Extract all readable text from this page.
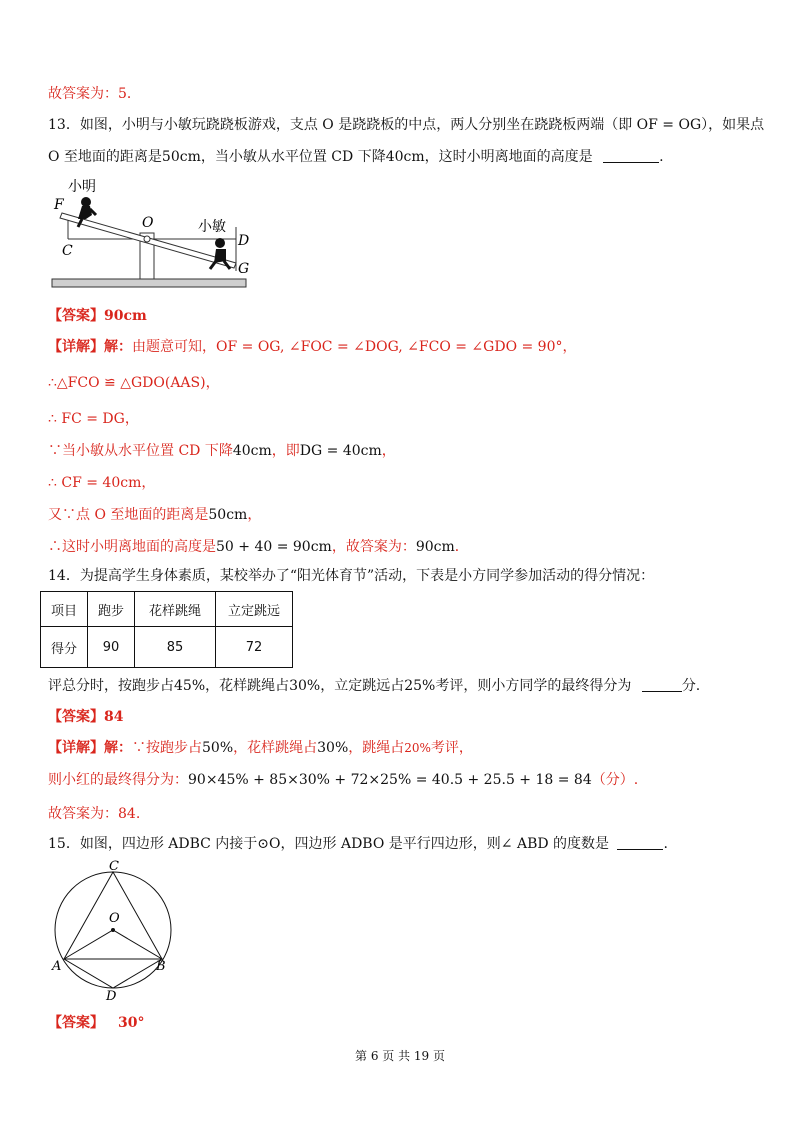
故答案为：5．
13．如图，小明与小敏玩跷跷板游戏，支点 O 是跷跷板的中点，两人分别坐在跷跷板两端（即 OF = OG），如果点
O 至地面的距离是50cm，当小敏从水平位置 CD 下降40cm，这时小明离地面的高度是	.
小明
小敏
F
O
C
D
G
【答案】90cm
【详解】解：由题意可知，OF = OG, ∠FOC = ∠DOG, ∠FCO = ∠GDO = 90°，
∴△FCO ≌ △GDO(AAS)，
∴ FC = DG，
∵当小敏从水平位置 CD 下降40cm，即DG = 40cm，
∴ CF = 40cm，
又∵点 O 至地面的距离是50cm，
∴这时小明离地面的高度是50 + 40 = 90cm，故答案为：90cm．
14．为提高学生身体素质，某校举办了“阳光体育节”活动，下表是小方同学参加活动的得分情况：
项目	跑步	花样跳绳	立定跳远
得分	90	85	72
评总分时，按跑步占45%，花样跳绳占30%，立定跳远占25%考评，则小方同学的最终得分为	分.
【答案】84
【详解】解：∵按跑步占50%，花样跳绳占30%，跳绳占20%考评，
则小红的最终得分为：90×45% + 85×30% + 72×25% = 40.5 + 25.5 + 18 = 84（分）.
故答案为：84.
15．如图，四边形 ADBC 内接于⊙O，四边形 ADBO 是平行四边形，则∠ ABD 的度数是	.
C
O
A	B
D
【答案】 30°
第 6 页 共 19 页
